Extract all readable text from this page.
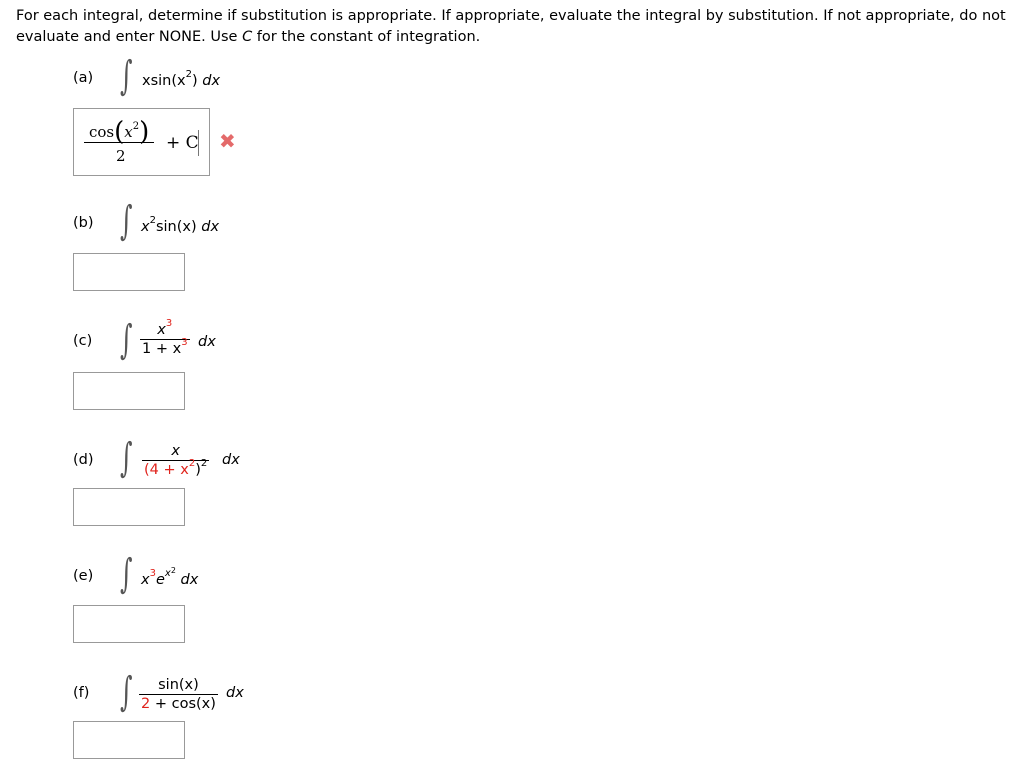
For each integral, determine if substitution is appropriate. If appropriate, evaluate the integral by substitution. If not appropriate, do not evaluate and enter NONE. Use C for the constant of integration.

(a) ∫ $xsin(x^2)$ dx
$\cos(x^2)$
2
+ C ✖
(b) ∫ $x^2\sin(x)$ dx
(c) ∫	$x^3$
$1 + x^3$ dx
(d) ∫	x
$(4 + x^2)^2$ dx
(e) ∫ $x^3e^{x^2}$ dx
(f) ∫	sin(x)
2 + cos(x)
dx
